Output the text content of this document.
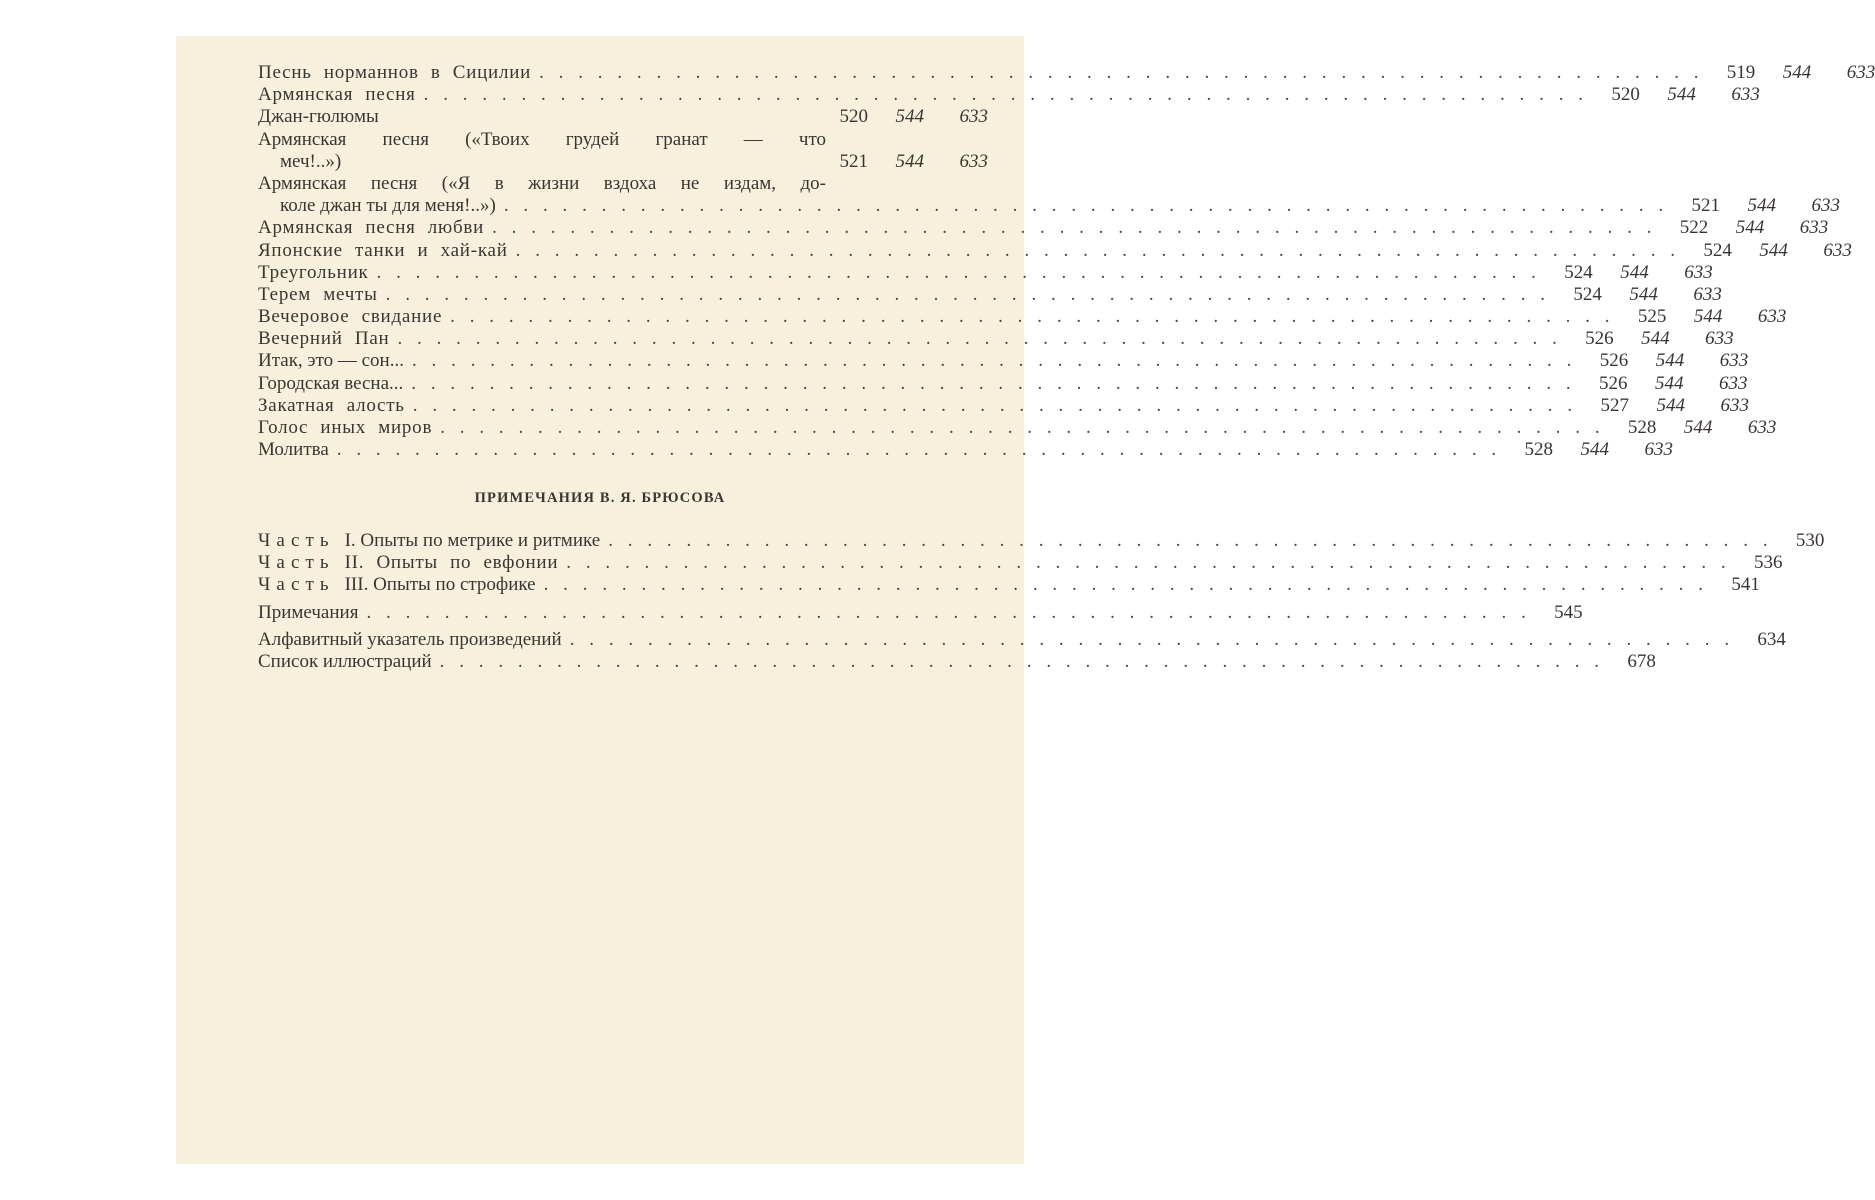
Песнь норманнов в Сицилии ............................................................ 519	544	633
Армянская песня ............................................................ 520	544	633
Джан-гюлюмы	520	544	633
Армянская песня («Твоих грудей гранат — что
меч!..»)	521	544	633
Армянская песня («Я в жизни вздоха не издам, до-
коле джан ты для меня!..») ............................................................ 521	544	633
Армянская песня любви ............................................................ 522	544	633
Японские танки и хай-кай ............................................................ 524	544	633
Треугольник ............................................................ 524	544	633
Терем мечты ............................................................ 524	544	633
Вечеровое свидание ............................................................ 525	544	633
Вечерний Пан ............................................................ 526	544	633
Итак, это — сон... ............................................................ 526	544	633
Городская весна... ............................................................ 526	544	633
Закатная алость ............................................................ 527	544	633
Голос иных миров ............................................................ 528	544	633
Молитва ............................................................ 528	544	633
ПРИМЕЧАНИЯ В. Я. БРЮСОВА
Часть I. Опыты по метрике и ритмике ............................................................ 530
Часть II. Опыты по евфонии ............................................................ 536
Часть III. Опыты по строфике ............................................................ 541
Примечания ............................................................ 545
Алфавитный указатель произведений ............................................................ 634
Список иллюстраций ............................................................ 678
